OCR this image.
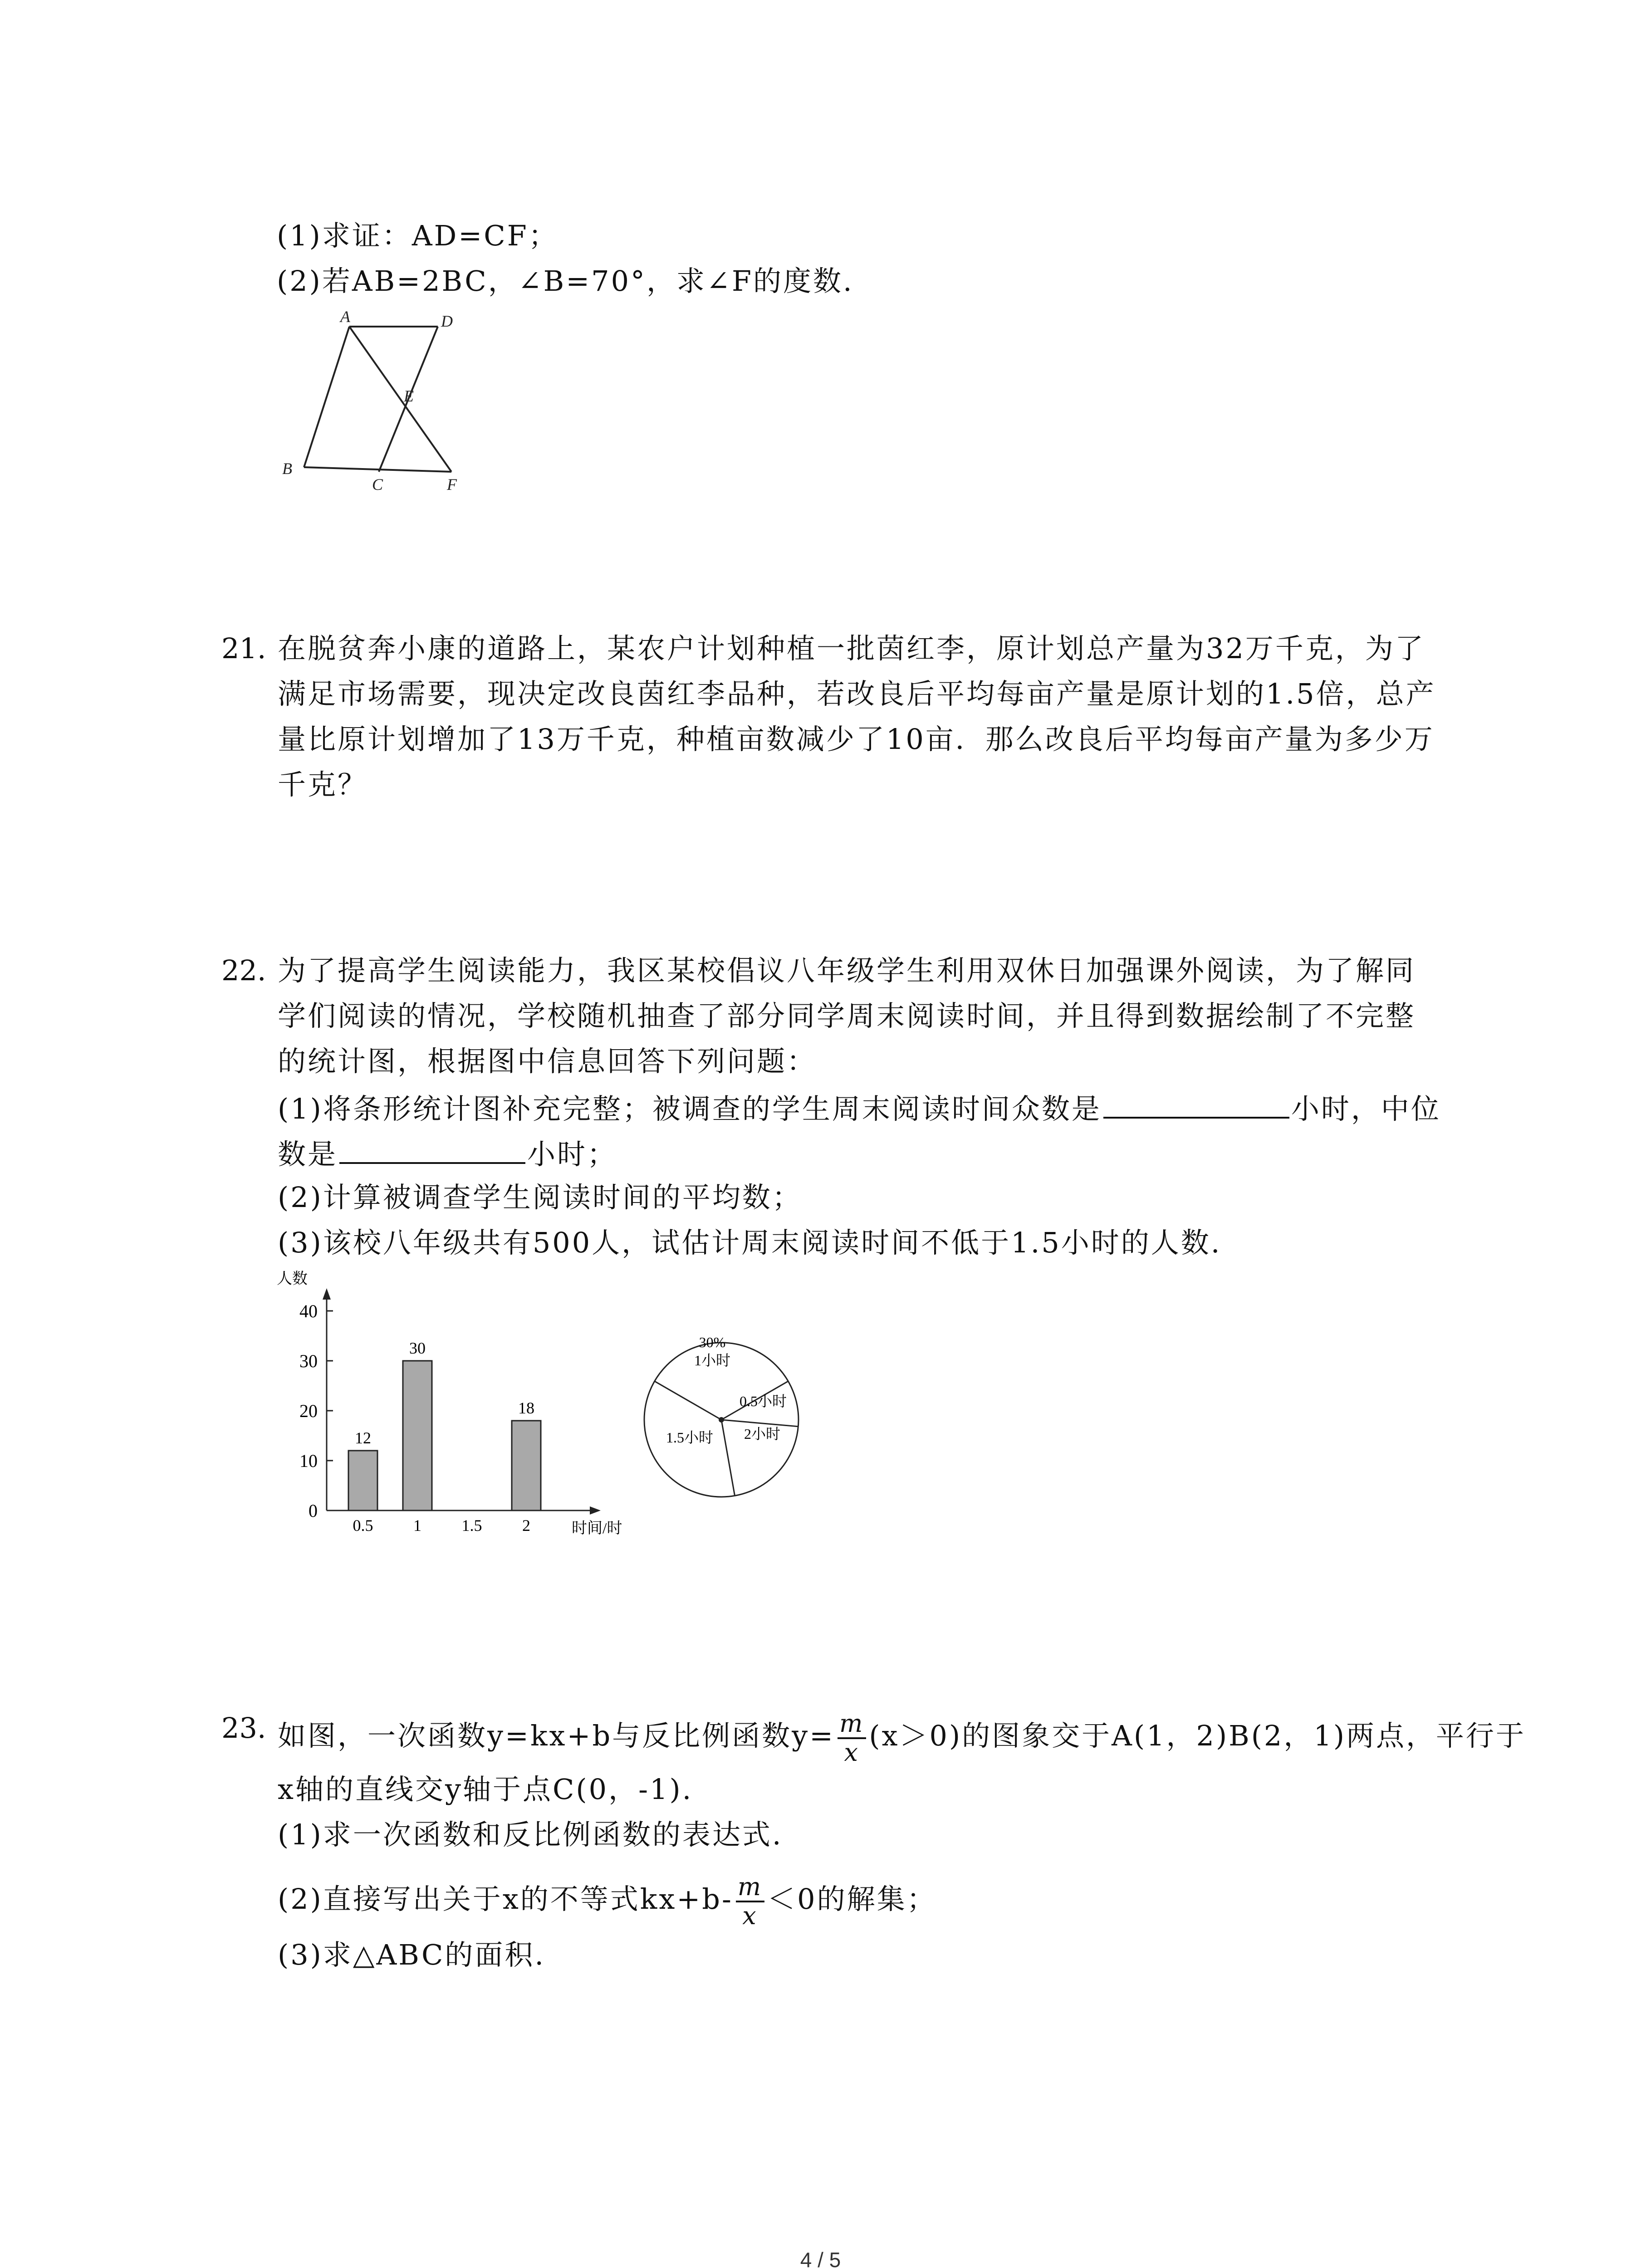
(1)求证：AD=CF；
(2)若AB=2BC，∠B=70°，求∠F的度数.
A	D
E
B
C	F
21. 在脱贫奔小康的道路上，某农户计划种植一批茵红李，原计划总产量为32万千克，为了
满足市场需要，现决定改良茵红李品种，若改良后平均每亩产量是原计划的1.5倍，总产
量比原计划增加了13万千克，种植亩数减少了10亩．那么改良后平均每亩产量为多少万
千克？
22. 为了提高学生阅读能力，我区某校倡议八年级学生利用双休日加强课外阅读，为了解同
学们阅读的情况，学校随机抽查了部分同学周末阅读时间，并且得到数据绘制了不完整
的统计图，根据图中信息回答下列问题：
(1)将条形统计图补充完整；被调查的学生周末阅读时间众数是	小时，中位
数是	小时；
(2)计算被调查学生阅读时间的平均数；
(3)该校八年级共有500人，试估计周末阅读时间不低于1.5小时的人数.
人数
时间/时
0
10
20
30
40
0.5
12
1
30
1.5 2
18
30%
1小时
0.5小时
2小时
1.5小时
23. 如图，一次函数y=kx+b与反比例函数$y= \frac{m}{x} (x>0)$的图象交于A(1，2)B(2，1)两点，平行于
x轴的直线交y轴于点C(0，-1).
(1)求一次函数和反比例函数的表达式.
(2)直接写出关于x的不等式$kx+b- \frac{m}{x} <0$的解集；
(3)求△ABC的面积.
4 / 5
